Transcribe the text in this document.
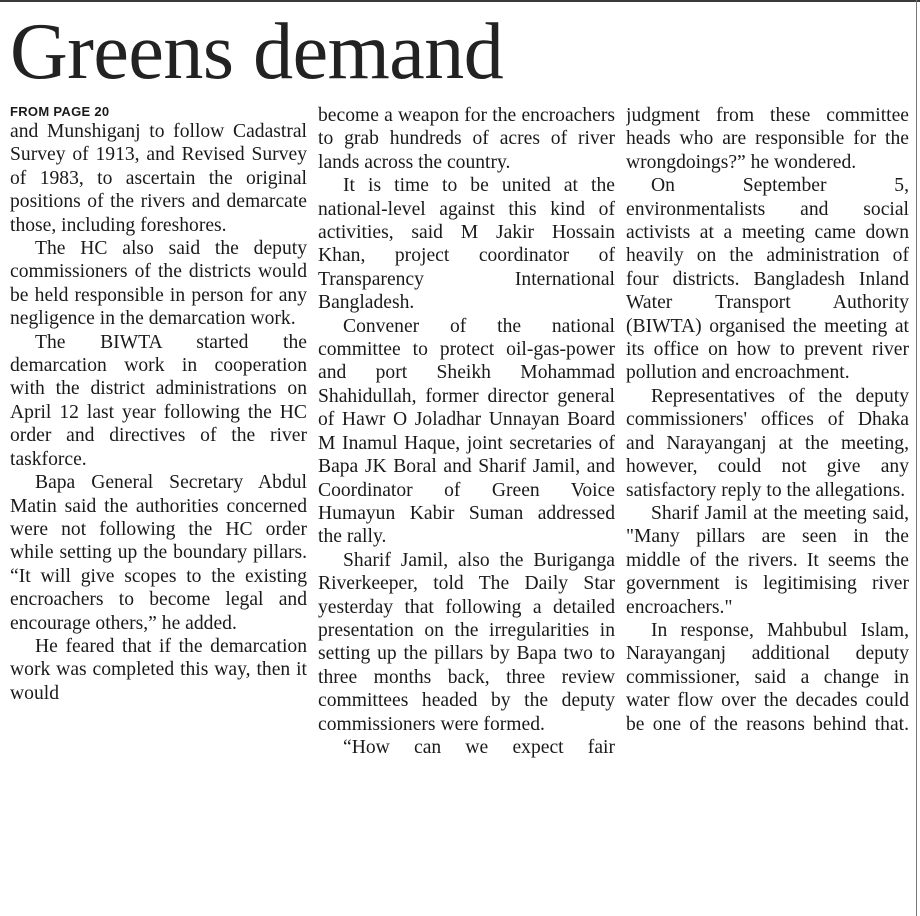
Greens demand
FROM PAGE 20

and Munshiganj to follow Cadastral Survey of 1913, and Revised Survey of 1983, to ascertain the original positions of the rivers and demarcate those, including foreshores.

The HC also said the deputy commissioners of the districts would be held responsible in person for any negligence in the demarcation work.

The BIWTA started the demarcation work in cooperation with the district administrations on April 12 last year following the HC order and directives of the river taskforce.

Bapa General Secretary Abdul Matin said the authorities concerned were not following the HC order while setting up the boundary pillars. “It will give scopes to the existing encroachers to become legal and encourage others,” he added.

He feared that if the demarcation work was completed this way, then it would

become a weapon for the encroachers to grab hundreds of acres of river lands across the country.

It is time to be united at the national-level against this kind of activities, said M Jakir Hossain Khan, project coordinator of Transparency International Bangladesh.

Convener of the national committee to protect oil-gas-power and port Sheikh Mohammad Shahidullah, former director general of Hawr O Joladhar Unnayan Board M Inamul Haque, joint secretaries of Bapa JK Boral and Sharif Jamil, and Coordinator of Green Voice Humayun Kabir Suman addressed the rally.

Sharif Jamil, also the Buriganga Riverkeeper, told The Daily Star yesterday that following a detailed presentation on the irregularities in setting up the pillars by Bapa two to three months back, three review committees headed by the deputy commissioners were formed.

“How can we expect fair

judgment from these committee heads who are responsible for the wrongdoings?” he wondered.

On September 5, environmentalists and social activists at a meeting came down heavily on the administration of four districts. Bangladesh Inland Water Transport Authority (BIWTA) organised the meeting at its office on how to prevent river pollution and encroachment.

Representatives of the deputy commissioners' offices of Dhaka and Narayanganj at the meeting, however, could not give any satisfactory reply to the allegations.

Sharif Jamil at the meeting said, "Many pillars are seen in the middle of the rivers. It seems the government is legitimising river encroachers."

In response, Mahbubul Islam, Narayanganj additional deputy commissioner, said a change in water flow over the decades could be one of the reasons behind that.
